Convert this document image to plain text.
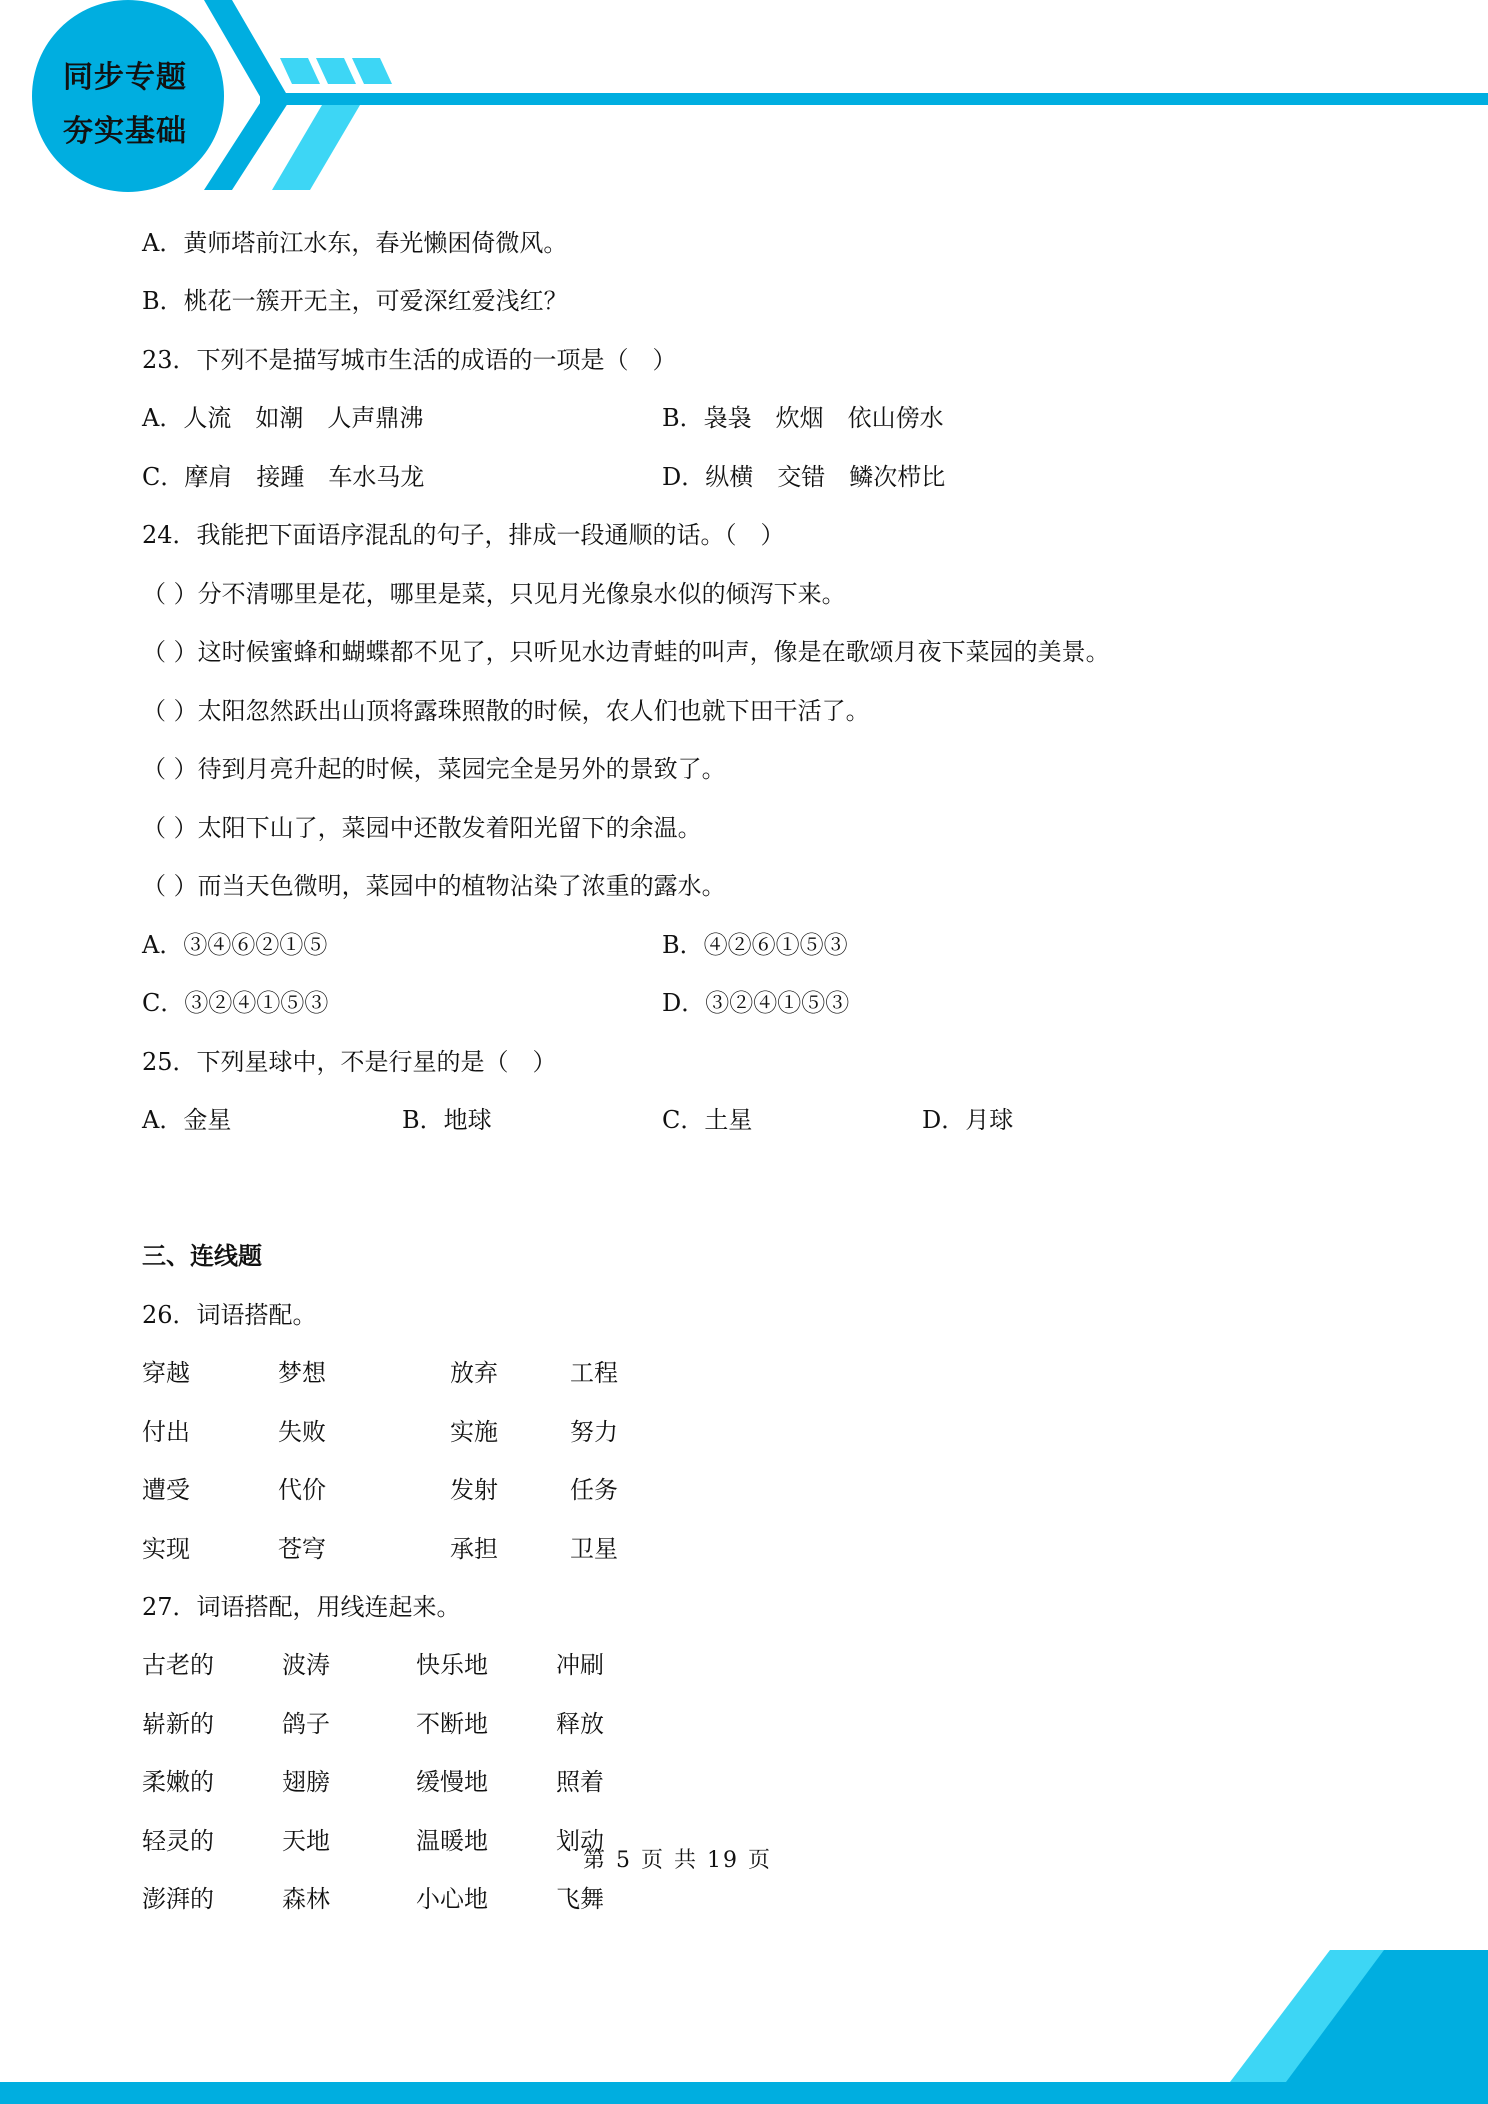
同步专题
夯实基础
A．黄师塔前江水东，春光懒困倚微风。
B．桃花一簇开无主，可爱深红爱浅红？
23．下列不是描写城市生活的成语的一项是（　）
A．人流　如潮　人声鼎沸	B．袅袅　炊烟　依山傍水
C．摩肩　接踵　车水马龙	D．纵横　交错　鳞次栉比
24．我能把下面语序混乱的句子，排成一段通顺的话。（　）
（ ）分不清哪里是花，哪里是菜，只见月光像泉水似的倾泻下来。
（ ）这时候蜜蜂和蝴蝶都不见了，只听见水边青蛙的叫声，像是在歌颂月夜下菜园的美景。
（ ）太阳忽然跃出山顶将露珠照散的时候，农人们也就下田干活了。
（ ）待到月亮升起的时候，菜园完全是另外的景致了。
（ ）太阳下山了，菜园中还散发着阳光留下的余温。
（ ）而当天色微明，菜园中的植物沾染了浓重的露水。
A．③④⑥②①⑤	B．④②⑥①⑤③
C．③②④①⑤③	D．③②④①⑤③
25．下列星球中，不是行星的是（　）
A．金星	B．地球	C．土星	D．月球
三、连线题
26．词语搭配。
穿越	梦想	放弃	工程
付出	失败	实施	努力
遭受	代价	发射	任务
实现	苍穹	承担	卫星
27．词语搭配，用线连起来。
古老的	波涛	快乐地	冲刷
崭新的	鸽子	不断地	释放
柔嫩的	翅膀	缓慢地	照着
轻灵的	天地	温暖地	划动
澎湃的	森林	小心地	飞舞
第 5 页 共 19 页
